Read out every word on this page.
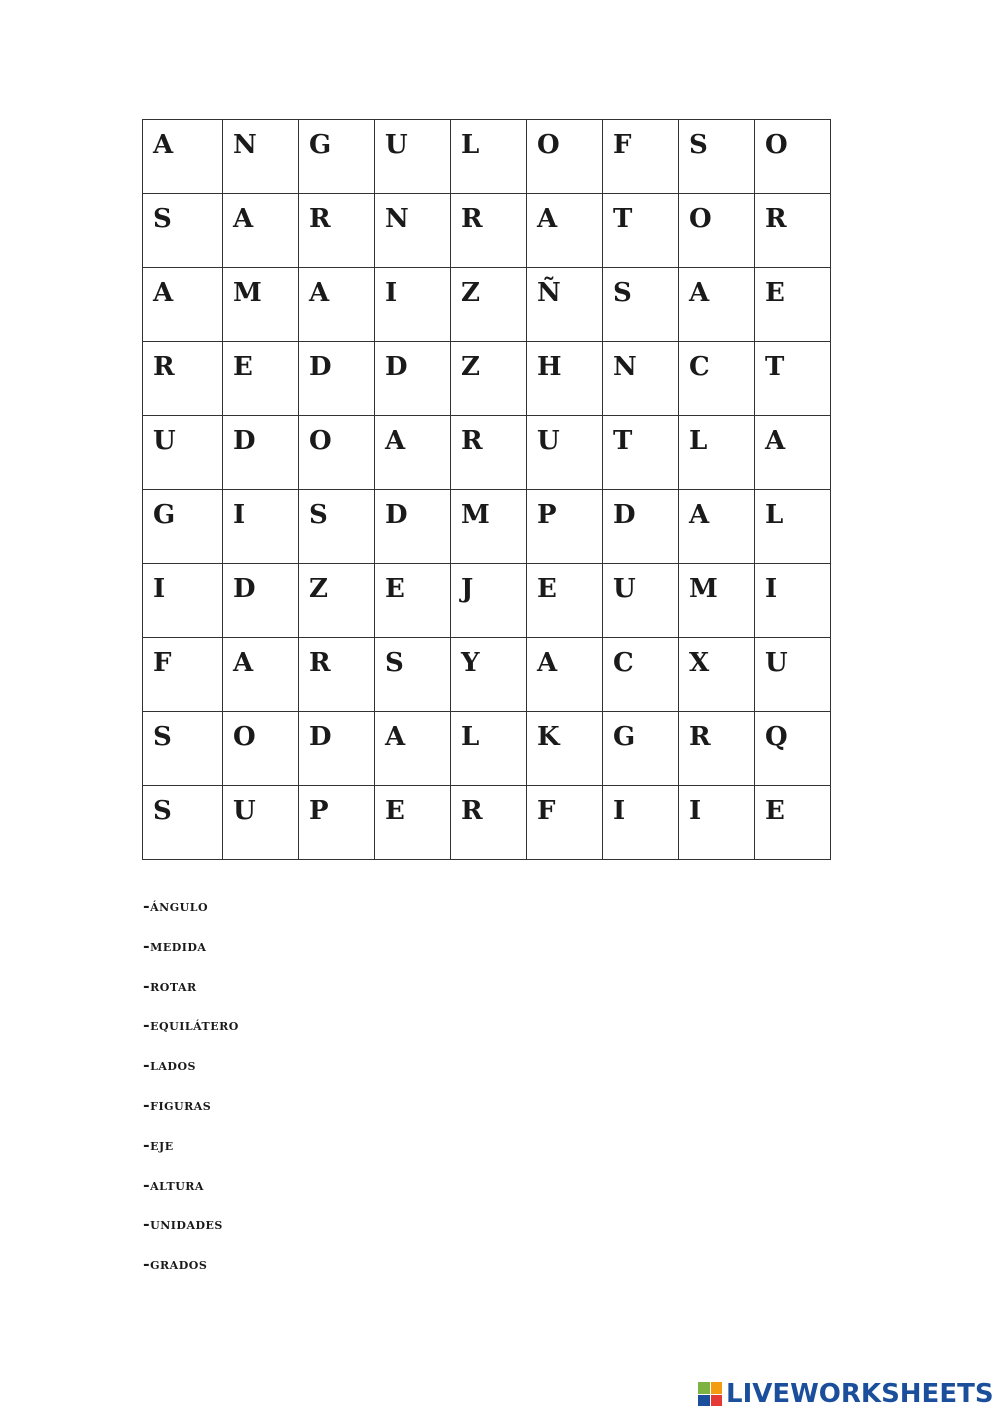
A	N	G	U	L	O	F	S	O
S	A	R	N	R	A	T	O	R
A	M	A	I	Z	Ñ	S	A	E
R	E	D	D	Z	H	N	C	T
U	D	O	A	R	U	T	L	A
G	I	S	D	M	P	D	A	L
I	D	Z	E	J	E	U	M	I
F	A	R	S	Y	A	C	X	U
S	O	D	A	L	K	G	R	Q
S	U	P	E	R	F	I	I	E
-ángulo
-medida
-rotar
-equilátero
-lados
-figuras
-eje
-altura
-unidades
-grados
LIVEWORKSHEETS
